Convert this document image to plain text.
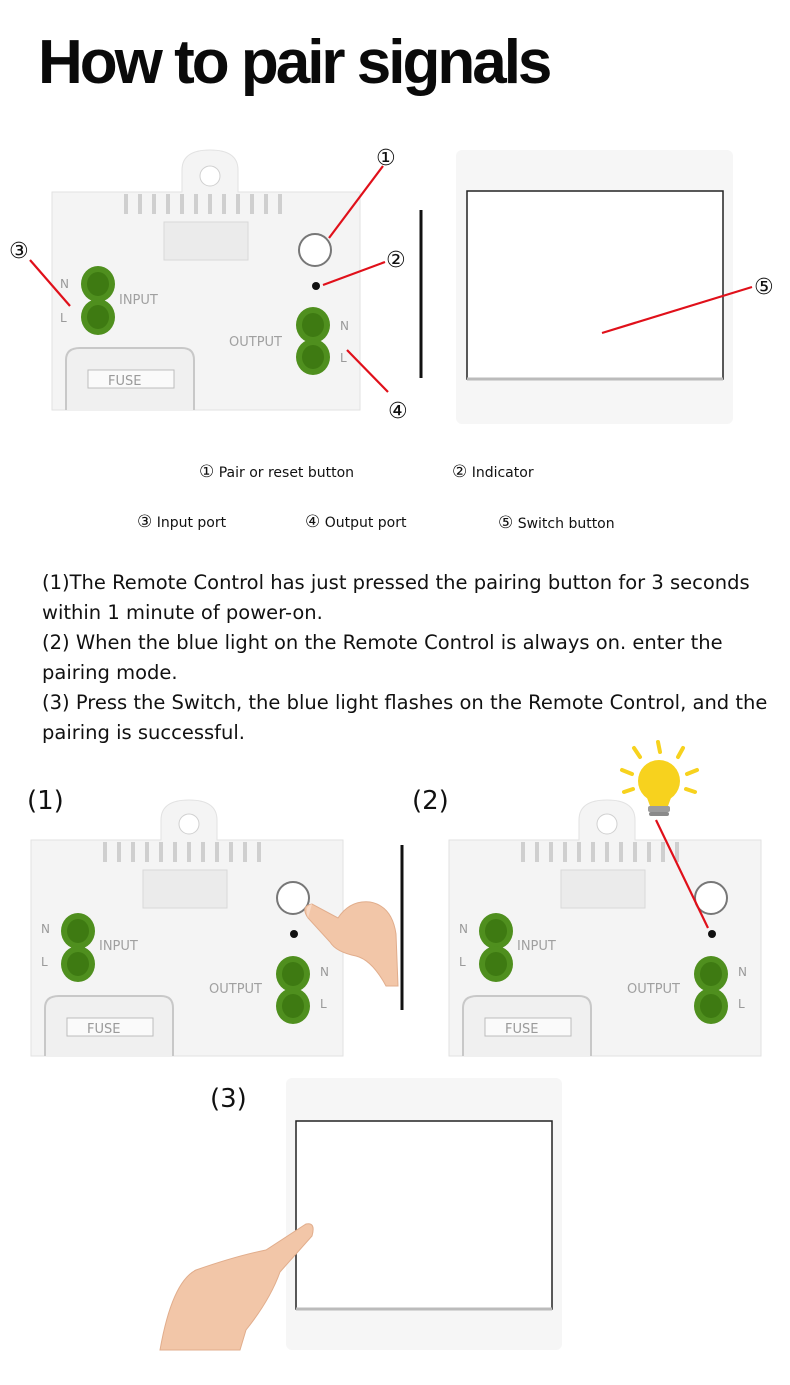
How to pair signals
N
L
INPUT
OUTPUT
N
L
FUSE
①
②
③
④
⑤
① Pair or reset button	② Indicator
③ Input port	④ Output port	⑤ Switch button

(1)The Remote Control has just pressed the pairing button for 3 seconds within 1 minute of power-on.

(2) When the blue light on the Remote Control is always on. enter the pairing mode.

(3) Press the Switch, the blue light flashes on the Remote Control, and the pairing is successful.

(1)	(2)
(3)
N
L
INPUT
OUTPUT
N
L
FUSE
N
L
INPUT
OUTPUT
N
L
FUSE
